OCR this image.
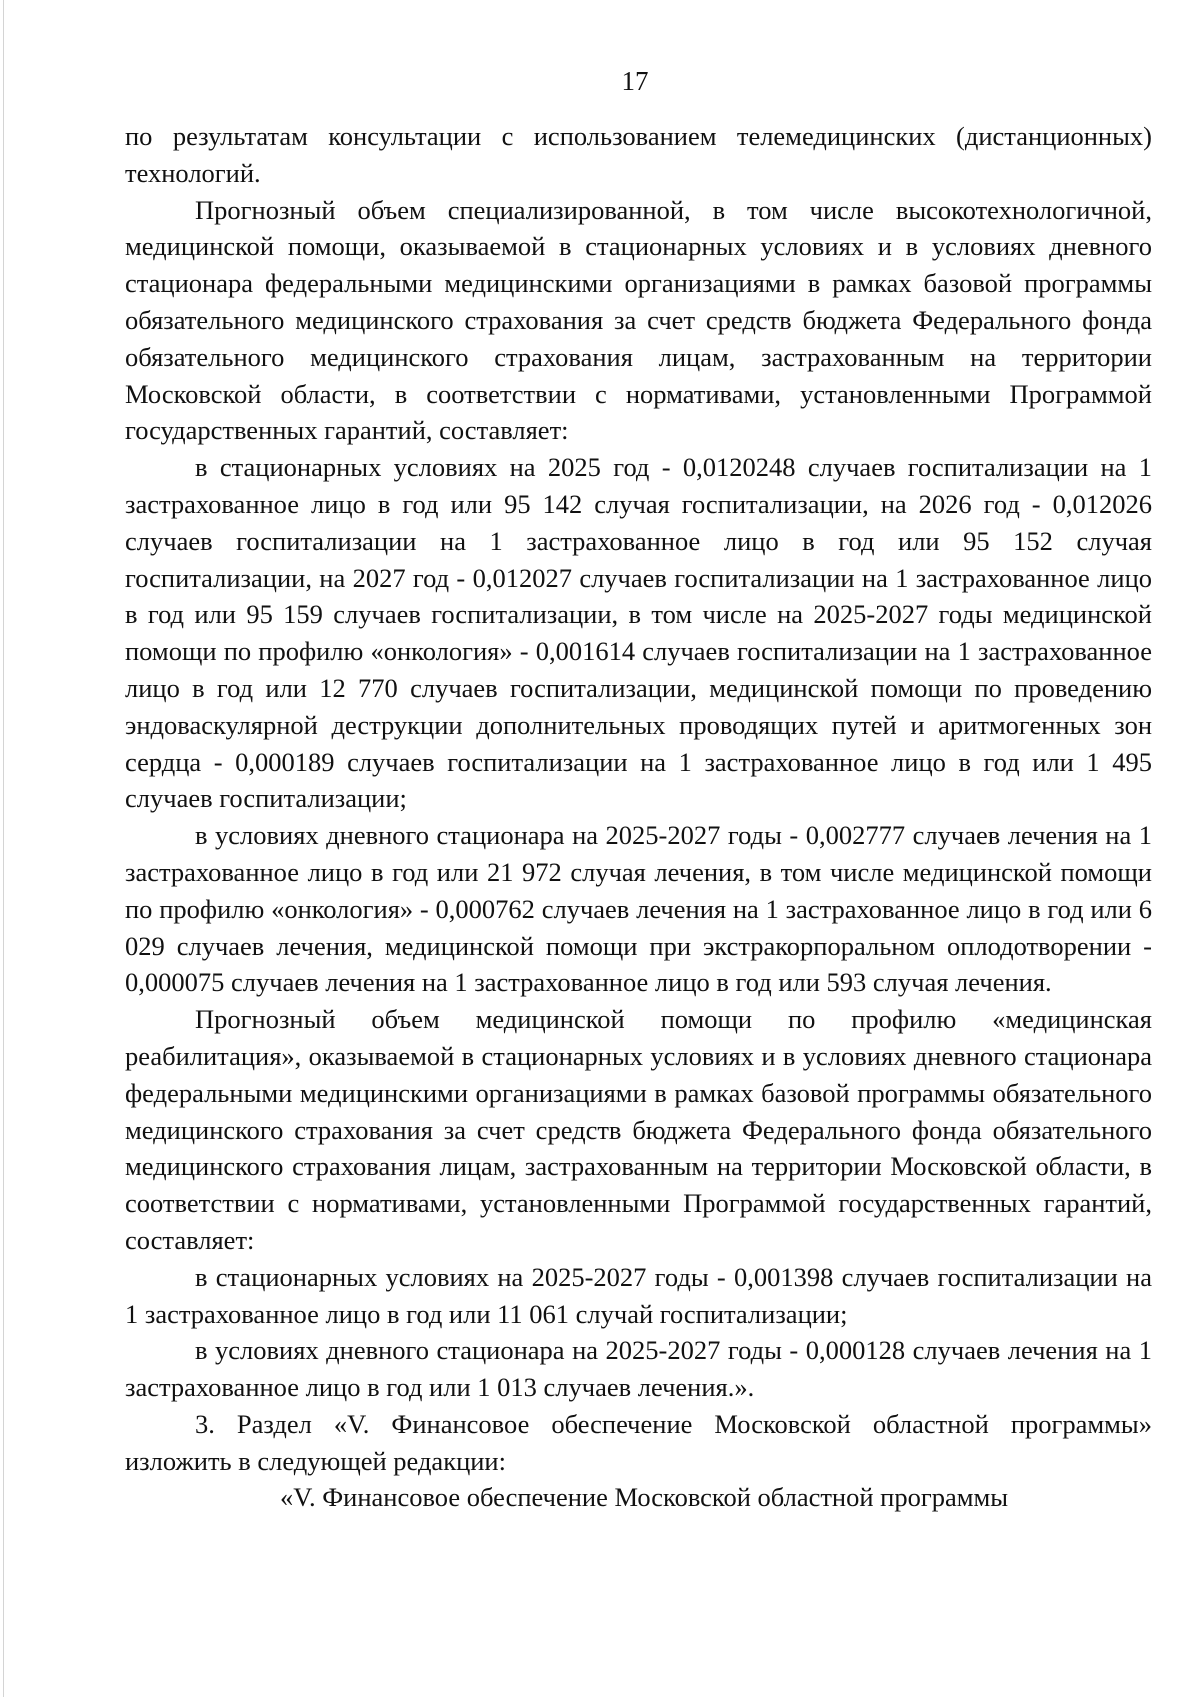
17

по результатам консультации с использованием телемедицинских (дистанционных) технологий.

Прогнозный объем специализированной, в том числе высокотехнологичной, медицинской помощи, оказываемой в стационарных условиях и в условиях дневного стационара федеральными медицинскими организациями в рамках базовой программы обязательного медицинского страхования за счет средств бюджета Федерального фонда обязательного медицинского страхования лицам, застрахованным на территории Московской области, в соответствии с нормативами, установленными Программой государственных гарантий, составляет:

в стационарных условиях на 2025 год - 0,0120248 случаев госпитализации на 1 застрахованное лицо в год или 95 142 случая госпитализации, на 2026 год - 0,012026 случаев госпитализации на 1 застрахованное лицо в год или 95 152 случая госпитализации, на 2027 год - 0,012027 случаев госпитализации на 1 застрахованное лицо в год или 95 159 случаев госпитализации, в том числе на 2025-2027 годы медицинской помощи по профилю «онкология» - 0,001614 случаев госпитализации на 1 застрахованное лицо в год или 12 770 случаев госпитализации, медицинской помощи по проведению эндоваскулярной деструкции дополнительных проводящих путей и аритмогенных зон сердца - 0,000189 случаев госпитализации на 1 застрахованное лицо в год или 1 495 случаев госпитализации;

в условиях дневного стационара на 2025-2027 годы - 0,002777 случаев лечения на 1 застрахованное лицо в год или 21 972 случая лечения, в том числе медицинской помощи по профилю «онкология» - 0,000762 случаев лечения на 1 застрахованное лицо в год или 6 029 случаев лечения, медицинской помощи при экстракорпоральном оплодотворении - 0,000075 случаев лечения на 1 застрахованное лицо в год или 593 случая лечения.

Прогнозный объем медицинской помощи по профилю «медицинская реабилитация», оказываемой в стационарных условиях и в условиях дневного стационара федеральными медицинскими организациями в рамках базовой программы обязательного медицинского страхования за счет средств бюджета Федерального фонда обязательного медицинского страхования лицам, застрахованным на территории Московской области, в соответствии с нормативами, установленными Программой государственных гарантий, составляет:

в стационарных условиях на 2025-2027 годы - 0,001398 случаев госпитализации на 1 застрахованное лицо в год или 11 061 случай госпитализации;

в условиях дневного стационара на 2025-2027 годы - 0,000128 случаев лечения на 1 застрахованное лицо в год или 1 013 случаев лечения.».

3. Раздел «V. Финансовое обеспечение Московской областной программы» изложить в следующей редакции:

«V. Финансовое обеспечение Московской областной программы
